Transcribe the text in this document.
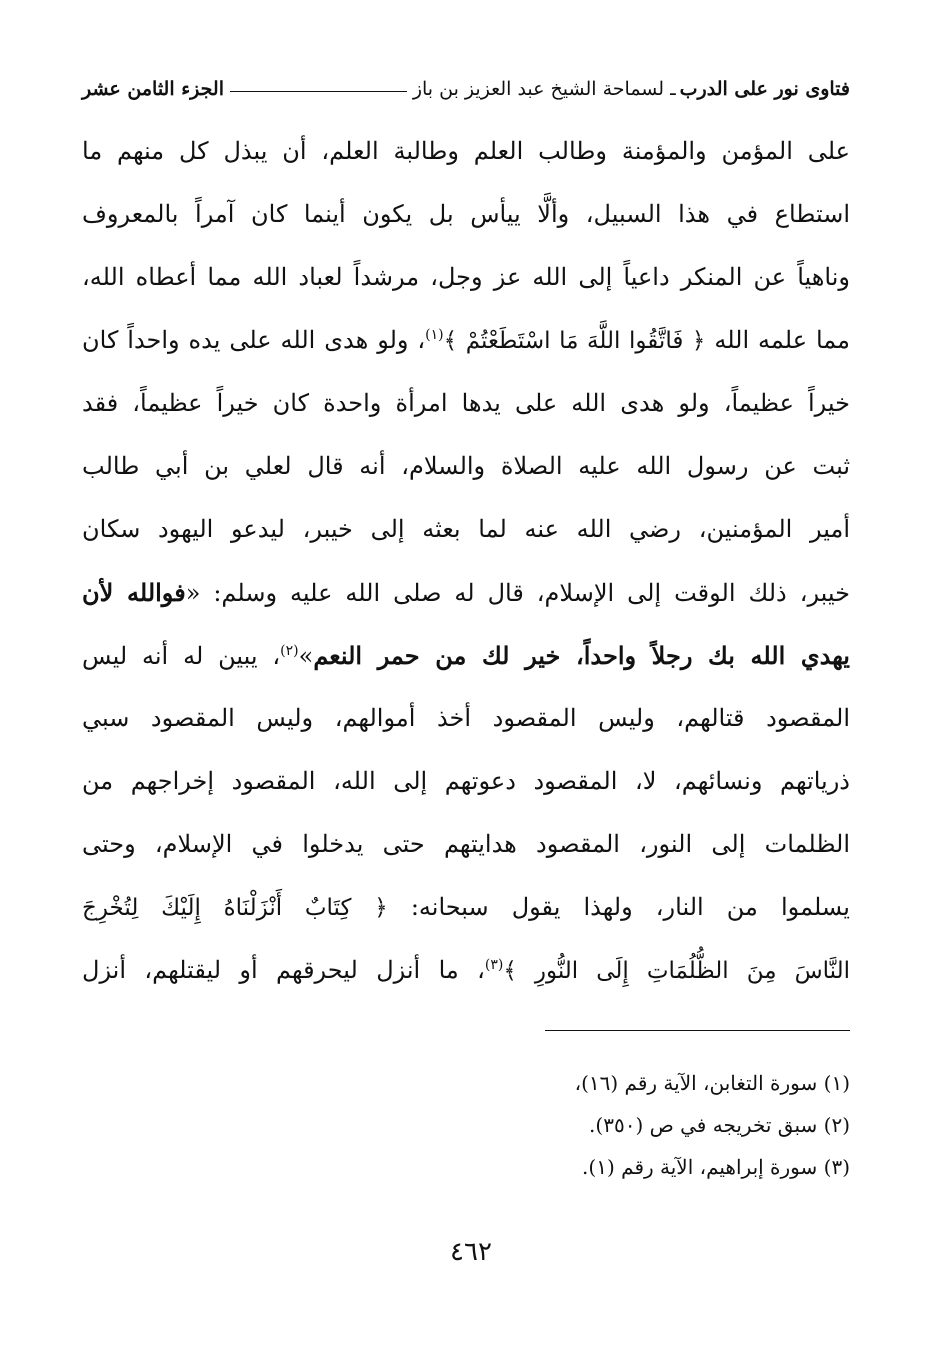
فتاوى نور على الدرب
ـ لسماحة الشيخ عبد العزيز بن باز
الجزء الثامن عشر
على المؤمن والمؤمنة وطالب العلم وطالبة العلم، أن يبذل كل منهم ما
استطاع في هذا السبيل، وألَّا ييأس بل يكون أينما كان آمراً بالمعروف
وناهياً عن المنكر داعياً إلى الله عز وجل، مرشداً لعباد الله مما أعطاه الله،
مما علمه الله ﴿ فَاتَّقُوا اللَّهَ مَا اسْتَطَعْتُمْ ﴾$^{(١)}$، ولو هدى الله على يده واحداً كان
خيراً عظيماً، ولو هدى الله على يدها امرأة واحدة كان خيراً عظيماً، فقد
ثبت عن رسول الله عليه الصلاة والسلام، أنه قال لعلي بن أبي طالب
أمير المؤمنين، رضي الله عنه لما بعثه إلى خيبر، ليدعو اليهود سكان
خيبر، ذلك الوقت إلى الإسلام، قال له صلى الله عليه وسلم: «فوالله لأن
يهدي الله بك رجلاً واحداً، خير لك من حمر النعم»$^{(٢)}$، يبين له أنه ليس
المقصود قتالهم، وليس المقصود أخذ أموالهم، وليس المقصود سبي
ذرياتهم ونسائهم، لا، المقصود دعوتهم إلى الله، المقصود إخراجهم من
الظلمات إلى النور، المقصود هدايتهم حتى يدخلوا في الإسلام، وحتى
يسلموا من النار، ولهذا يقول سبحانه: ﴿ كِتَابٌ أَنْزَلْنَاهُ إِلَيْكَ لِتُخْرِجَ
النَّاسَ مِنَ الظُّلُمَاتِ إِلَى النُّورِ ﴾$^{(٣)}$، ما أنزل ليحرقهم أو ليقتلهم، أنزل
(١) سورة التغابن، الآية رقم (١٦)،
(٢) سبق تخريجه في ص (٣٥٠).
(٣) سورة إبراهيم، الآية رقم (١).
٤٦٢
